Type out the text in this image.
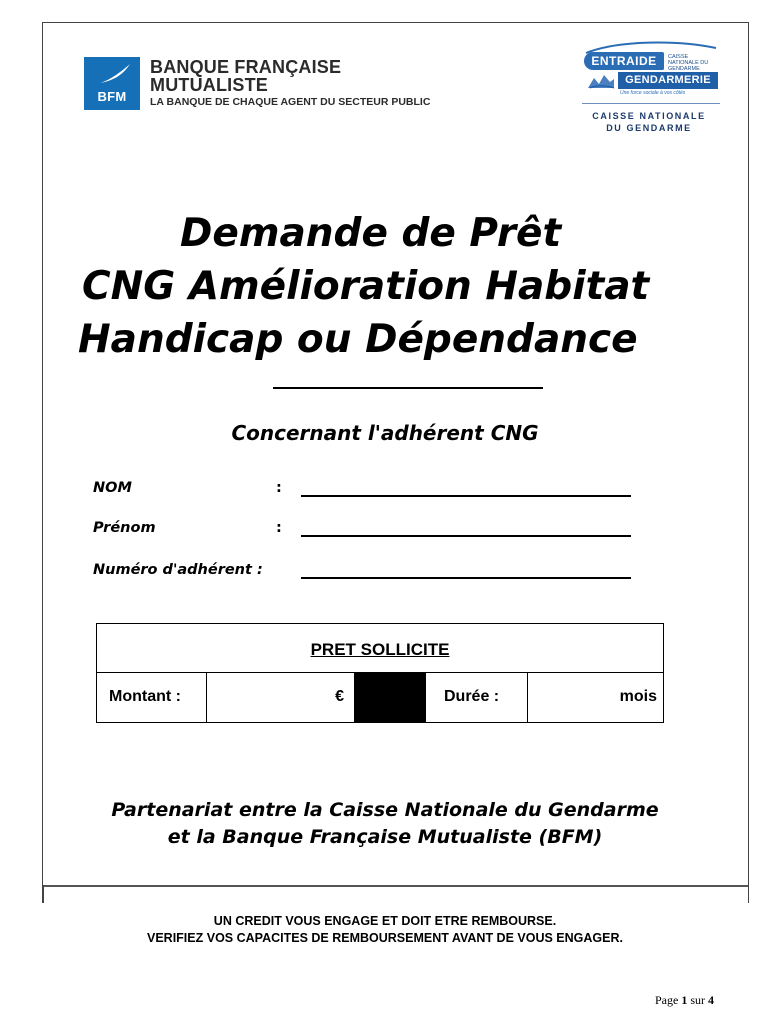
BFM
BANQUE FRANÇAISE
MUTUALISTE
LA BANQUE DE CHAQUE AGENT DU SECTEUR PUBLIC
ENTRAIDE	CAISSE NATIONALE DU GENDARME
GENDARMERIE
Une force sociale à vos côtés
CAISSE NATIONALE
DU GENDARME
Demande de Prêt
CNG Amélioration Habitat
Handicap ou Dépendance
Concernant l'adhérent CNG
NOM	:
Prénom	:
Numéro d'adhérent :
PRET SOLLICITE
Montant :	€	Durée :	mois
Partenariat entre la Caisse Nationale du Gendarme
et la Banque Française Mutualiste (BFM)
UN CREDIT VOUS ENGAGE ET DOIT ETRE REMBOURSE.
VERIFIEZ VOS CAPACITES DE REMBOURSEMENT AVANT DE VOUS ENGAGER.
Page 1 sur 4
